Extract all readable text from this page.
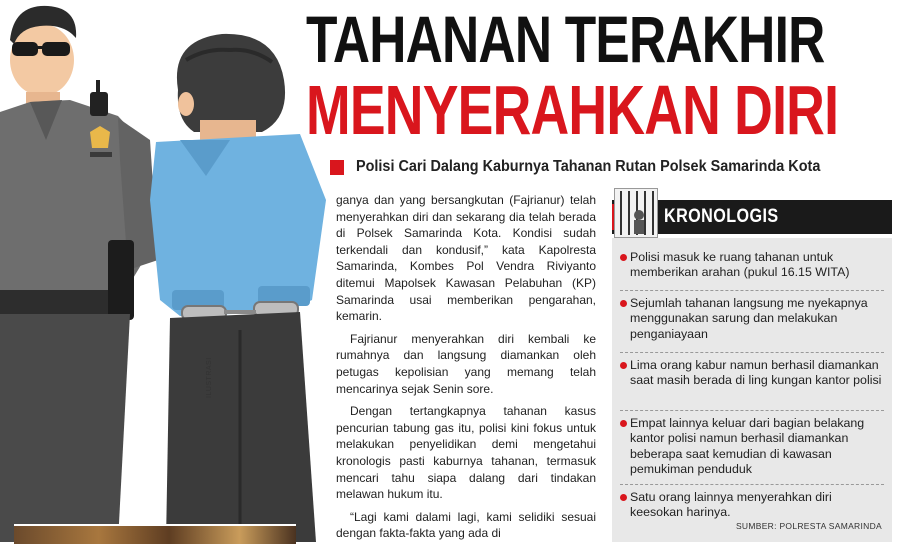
ILUSTRASI
TAHANAN TERAKHIR
MENYERAHKAN DIRI
Polisi Cari Dalang Kaburnya Tahanan Rutan Polsek Samarinda Kota

ganya dan yang bersangkutan (Fajrianur) telah menyerahkan diri dan sekarang dia telah berada di Polsek Samarinda Kota. Kondisi sudah terkendali dan kondusif,” kata Kapolresta Samarinda, Kombes Pol Vendra Riviyanto ditemui Mapolsek Kawasan Pelabuhan (KP) Samarinda usai memberikan pengarahan, kemarin.

Fajrianur menyerahkan diri kembali ke rumahnya dan langsung diamankan oleh petugas kepolisian yang memang telah mencarinya sejak Senin sore.

Dengan tertangkapnya tahanan kasus pencurian tabung gas itu, polisi kini fokus untuk melakukan penyelidikan demi mengetahui kronologis pasti kaburnya tahanan, termasuk mencari tahu siapa dalang dari tindakan melawan hukum itu.

“Lagi kami dalami lagi, kami selidiki sesuai dengan fakta-fakta yang ada di

KRONOLOGIS
Polisi masuk ke ruang tahanan untuk memberikan arahan (pukul 16.15 WITA)
Sejumlah tahanan langsung me nyekapnya menggunakan sarung dan melakukan penganiayaan
Lima orang kabur namun berhasil diamankan saat masih berada di ling kungan kantor polisi
Empat lainnya keluar dari bagian belakang kantor polisi namun berhasil diamankan beberapa saat kemudian di kawasan pemukiman penduduk
Satu orang lainnya menyerahkan diri keesokan harinya.
SUMBER: POLRESTA SAMARINDA
